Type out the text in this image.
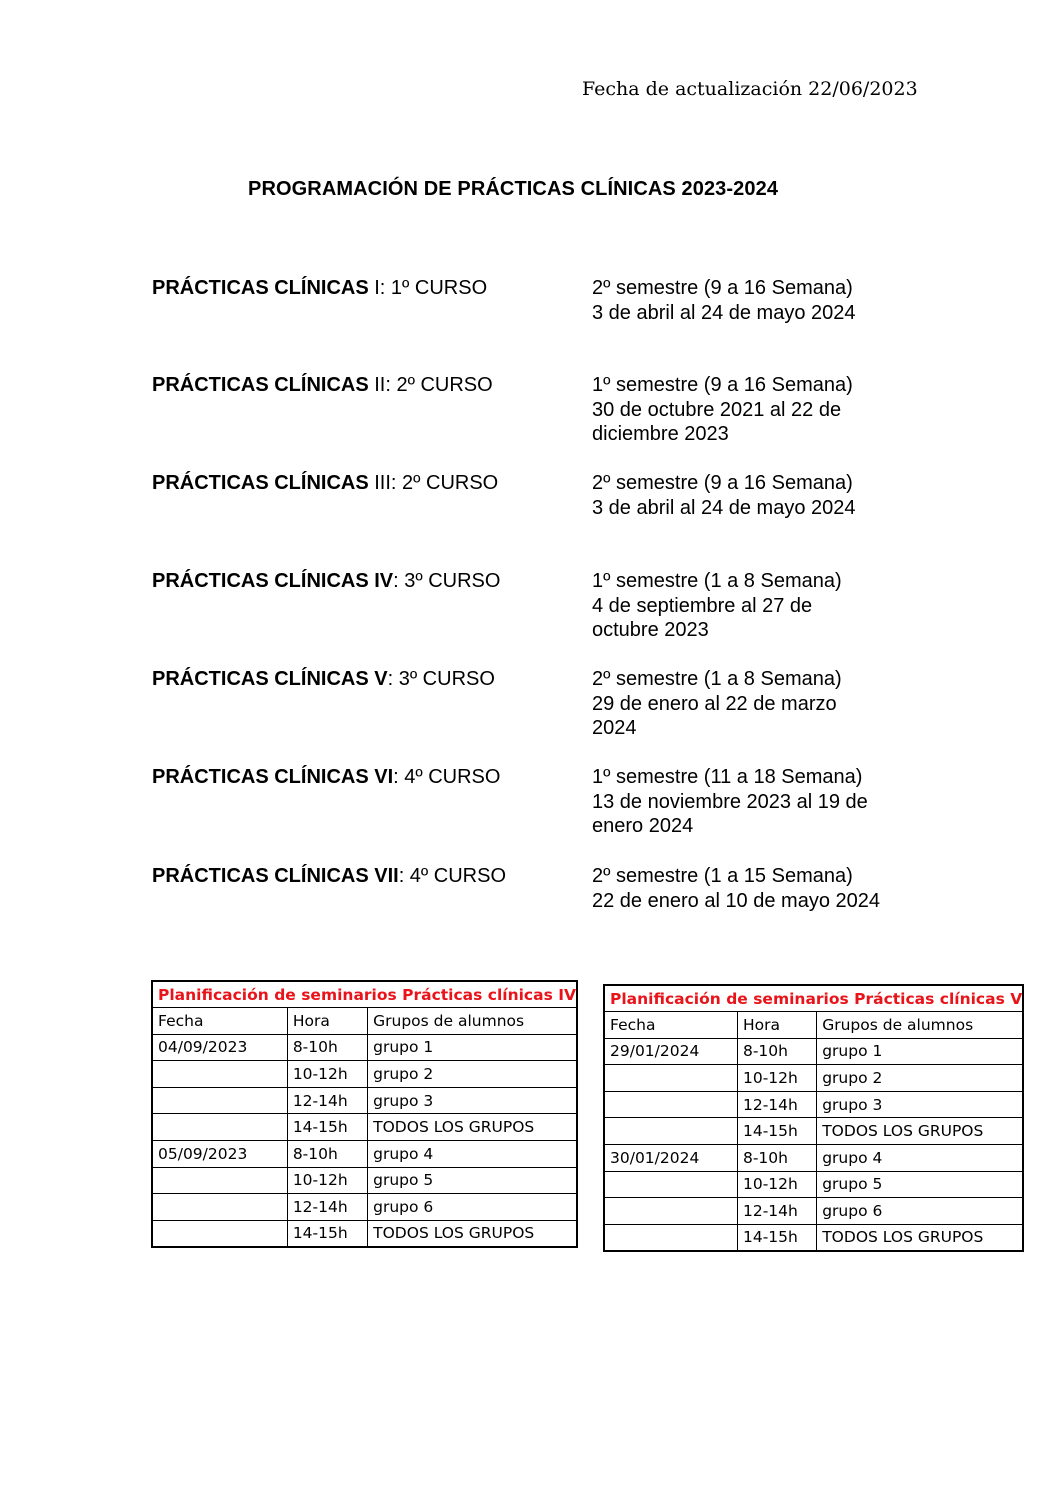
Fecha de actualización 22/06/2023
PROGRAMACIÓN DE PRÁCTICAS CLÍNICAS 2023-2024
PRÁCTICAS CLÍNICAS I: 1º CURSO	2º semestre (9 a 16 Semana)
3 de abril al 24 de mayo 2024
PRÁCTICAS CLÍNICAS II: 2º CURSO	1º semestre (9 a 16 Semana)
30 de octubre 2021 al 22 de
diciembre 2023
PRÁCTICAS CLÍNICAS III: 2º CURSO	2º semestre (9 a 16 Semana)
3 de abril al 24 de mayo 2024
PRÁCTICAS CLÍNICAS IV: 3º CURSO	1º semestre (1 a 8 Semana)
4 de septiembre al 27 de
octubre 2023
PRÁCTICAS CLÍNICAS V: 3º CURSO	2º semestre (1 a 8 Semana)
29 de enero al 22 de marzo
2024
PRÁCTICAS CLÍNICAS VI: 4º CURSO	1º semestre (11 a 18 Semana)
13 de noviembre 2023 al 19 de
enero 2024
PRÁCTICAS CLÍNICAS VII: 4º CURSO	2º semestre (1 a 15 Semana)
22 de enero al 10 de mayo 2024
Planificación de seminarios Prácticas clínicas IV		
Fecha	Hora	Grupos de alumnos
04/09/2023	8-10h	grupo 1
	10-12h	grupo 2
	12-14h	grupo 3
	14-15h	TODOS LOS GRUPOS
05/09/2023	8-10h	grupo 4
	10-12h	grupo 5
	12-14h	grupo 6
	14-15h	TODOS LOS GRUPOS
Planificación de seminarios Prácticas clínicas V		
Fecha	Hora	Grupos de alumnos
29/01/2024	8-10h	grupo 1
	10-12h	grupo 2
	12-14h	grupo 3
	14-15h	TODOS LOS GRUPOS
30/01/2024	8-10h	grupo 4
	10-12h	grupo 5
	12-14h	grupo 6
	14-15h	TODOS LOS GRUPOS
